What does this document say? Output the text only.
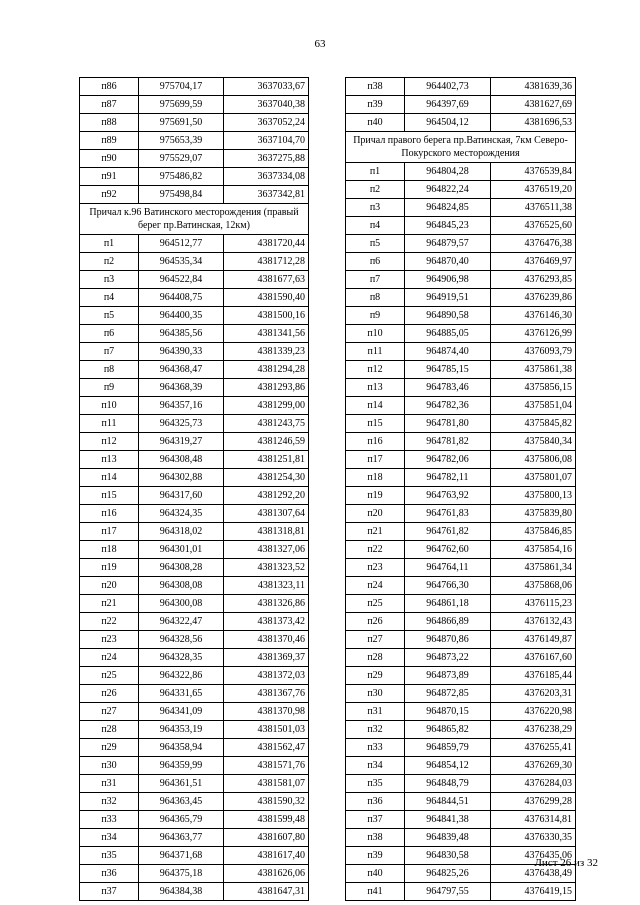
63
п86	975704,17	3637033,67
п87	975699,59	3637040,38
п88	975691,50	3637052,24
п89	975653,39	3637104,70
п90	975529,07	3637275,88
п91	975486,82	3637334,08
п92	975498,84	3637342,81
Причал к.96 Ватинского месторождения (правый берег пр.Ватинская, 12км)		
п1	964512,77	4381720,44
п2	964535,34	4381712,28
п3	964522,84	4381677,63
п4	964408,75	4381590,40
п5	964400,35	4381500,16
п6	964385,56	4381341,56
п7	964390,33	4381339,23
п8	964368,47	4381294,28
п9	964368,39	4381293,86
п10	964357,16	4381299,00
п11	964325,73	4381243,75
п12	964319,27	4381246,59
п13	964308,48	4381251,81
п14	964302,88	4381254,30
п15	964317,60	4381292,20
п16	964324,35	4381307,64
п17	964318,02	4381318,81
п18	964301,01	4381327,06
п19	964308,28	4381323,52
п20	964308,08	4381323,11
п21	964300,08	4381326,86
п22	964322,47	4381373,42
п23	964328,56	4381370,46
п24	964328,35	4381369,37
п25	964322,86	4381372,03
п26	964331,65	4381367,76
п27	964341,09	4381370,98
п28	964353,19	4381501,03
п29	964358,94	4381562,47
п30	964359,99	4381571,76
п31	964361,51	4381581,07
п32	964363,45	4381590,32
п33	964365,79	4381599,48
п34	964363,77	4381607,80
п35	964371,68	4381617,40
п36	964375,18	4381626,06
п37	964384,38	4381647,31
п38	964402,73	4381639,36
п39	964397,69	4381627,69
п40	964504,12	4381696,53
Причал правого берега пр.Ватинская, 7км Северо-Покурского месторождения		
п1	964804,28	4376539,84
п2	964822,24	4376519,20
п3	964824,85	4376511,38
п4	964845,23	4376525,60
п5	964879,57	4376476,38
п6	964870,40	4376469,97
п7	964906,98	4376293,85
п8	964919,51	4376239,86
п9	964890,58	4376146,30
п10	964885,05	4376126,99
п11	964874,40	4376093,79
п12	964785,15	4375861,38
п13	964783,46	4375856,15
п14	964782,36	4375851,04
п15	964781,80	4375845,82
п16	964781,82	4375840,34
п17	964782,06	4375806,08
п18	964782,11	4375801,07
п19	964763,92	4375800,13
п20	964761,83	4375839,80
п21	964761,82	4375846,85
п22	964762,60	4375854,16
п23	964764,11	4375861,34
п24	964766,30	4375868,06
п25	964861,18	4376115,23
п26	964866,89	4376132,43
п27	964870,86	4376149,87
п28	964873,22	4376167,60
п29	964873,89	4376185,44
п30	964872,85	4376203,31
п31	964870,15	4376220,98
п32	964865,82	4376238,29
п33	964859,79	4376255,41
п34	964854,12	4376269,30
п35	964848,79	4376284,03
п36	964844,51	4376299,28
п37	964841,38	4376314,81
п38	964839,48	4376330,35
п39	964830,58	4376435,06
п40	964825,26	4376438,49
п41	964797,55	4376419,15
Лист 26 из 32
